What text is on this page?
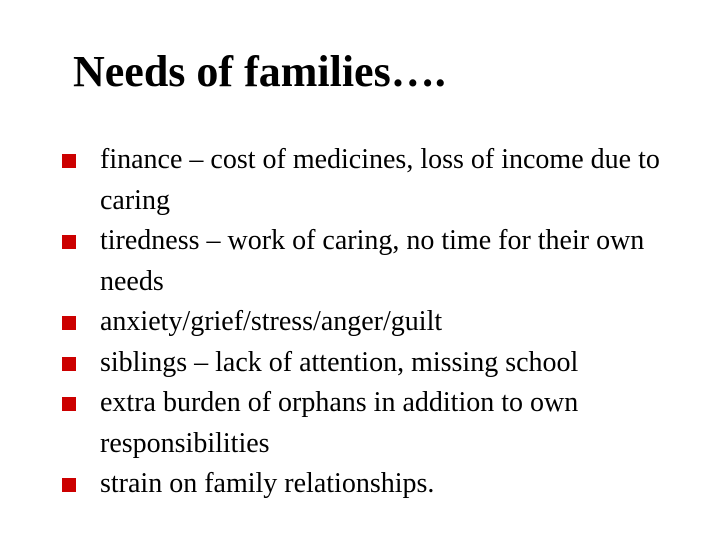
Needs of families….
finance – cost of medicines, loss of income due to caring
tiredness – work of caring, no time for their own needs
anxiety/grief/stress/anger/guilt
siblings – lack of attention, missing school
extra burden of orphans in addition to own responsibilities
strain on family relationships.
